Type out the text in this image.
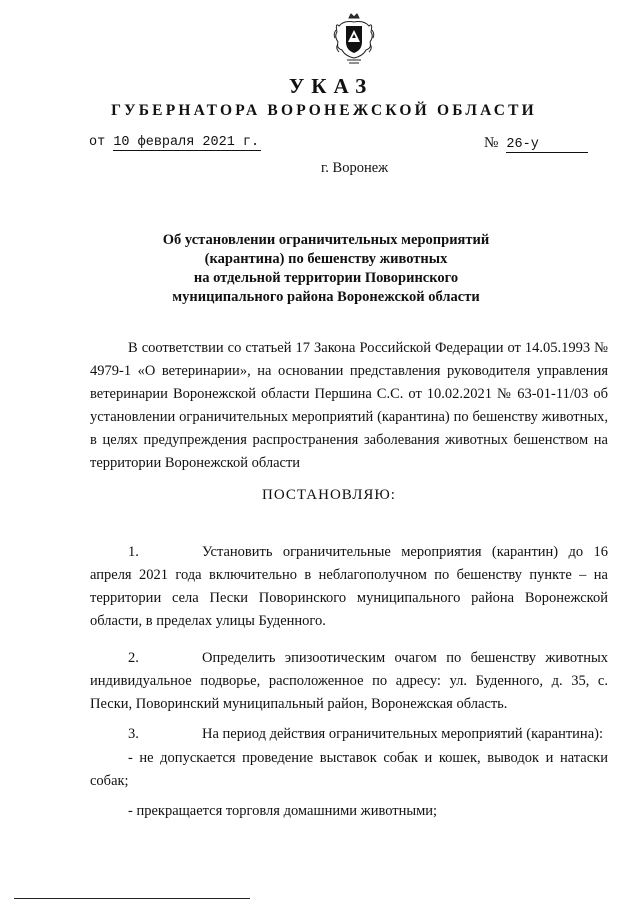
УКАЗ
ГУБЕРНАТОРА ВОРОНЕЖСКОЙ ОБЛАСТИ
от 10 февраля 2021 г.	№ 26-у
г. Воронеж
Об установлении ограничительных мероприятий
(карантина) по бешенству животных
на отдельной территории Поворинского
муниципального района Воронежской области
В соответствии со статьей 17 Закона Российской Федерации от 14.05.1993 № 4979-1 «О ветеринарии», на основании представления руководителя управления ветеринарии Воронежской области Першина С.С. от 10.02.2021 № 63-01-11/03 об установлении ограничительных мероприятий (карантина) по бешенству животных, в целях предупреждения распространения заболевания животных бешенством на территории Воронежской области
ПОСТАНОВЛЯЮ:
1.	Установить ограничительные мероприятия (карантин) до 16 апреля 2021 года включительно в неблагополучном по бешенству пункте – на территории села Пески Поворинского муниципального района Воронежской области, в пределах улицы Буденного.
2.	Определить эпизоотическим очагом по бешенству животных индивидуальное подворье, расположенное по адресу: ул. Буденного, д. 35, с. Пески, Поворинский муниципальный район, Воронежская область.
3.	На период действия ограничительных мероприятий (карантина):
- не допускается проведение выставок собак и кошек, выводок и натаски собак;
- прекращается торговля домашними животными;
